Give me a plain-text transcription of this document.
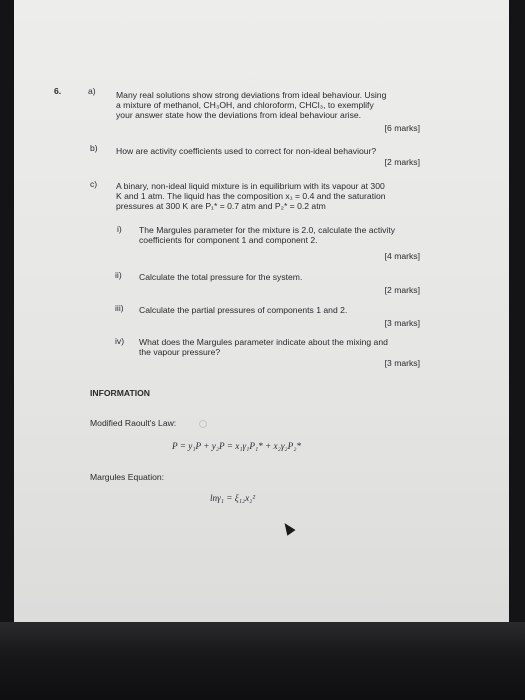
6.	a) Many real solutions show strong deviations from ideal behaviour. Using
a mixture of methanol, CH₃OH, and chloroform, CHCl₃, to exemplify
your answer state how the deviations from ideal behaviour arise.
[6 marks]
b) How are activity coefficients used to correct for non-ideal behaviour?
[2 marks]
c) A binary, non-ideal liquid mixture is in equilibrium with its vapour at 300
K and 1 atm. The liquid has the composition x₁ = 0.4 and the saturation
pressures at 300 K are P₁* = 0.7 atm and P₂* = 0.2 atm
i) The Margules parameter for the mixture is 2.0, calculate the activity
coefficients for component 1 and component 2.
[4 marks]
ii) Calculate the total pressure for the system.
[2 marks]
iii) Calculate the partial pressures of components 1 and 2.
[3 marks]
iv) What does the Margules parameter indicate about the mixing and
the vapour pressure?
[3 marks]
INFORMATION
Modified Raoult's Law:
P = y₁P + y₂P = x₁γ₁P₁* + x₂γ₂P₂*
Margules Equation:
lnγ₁ = ξ₁₂x₂²
